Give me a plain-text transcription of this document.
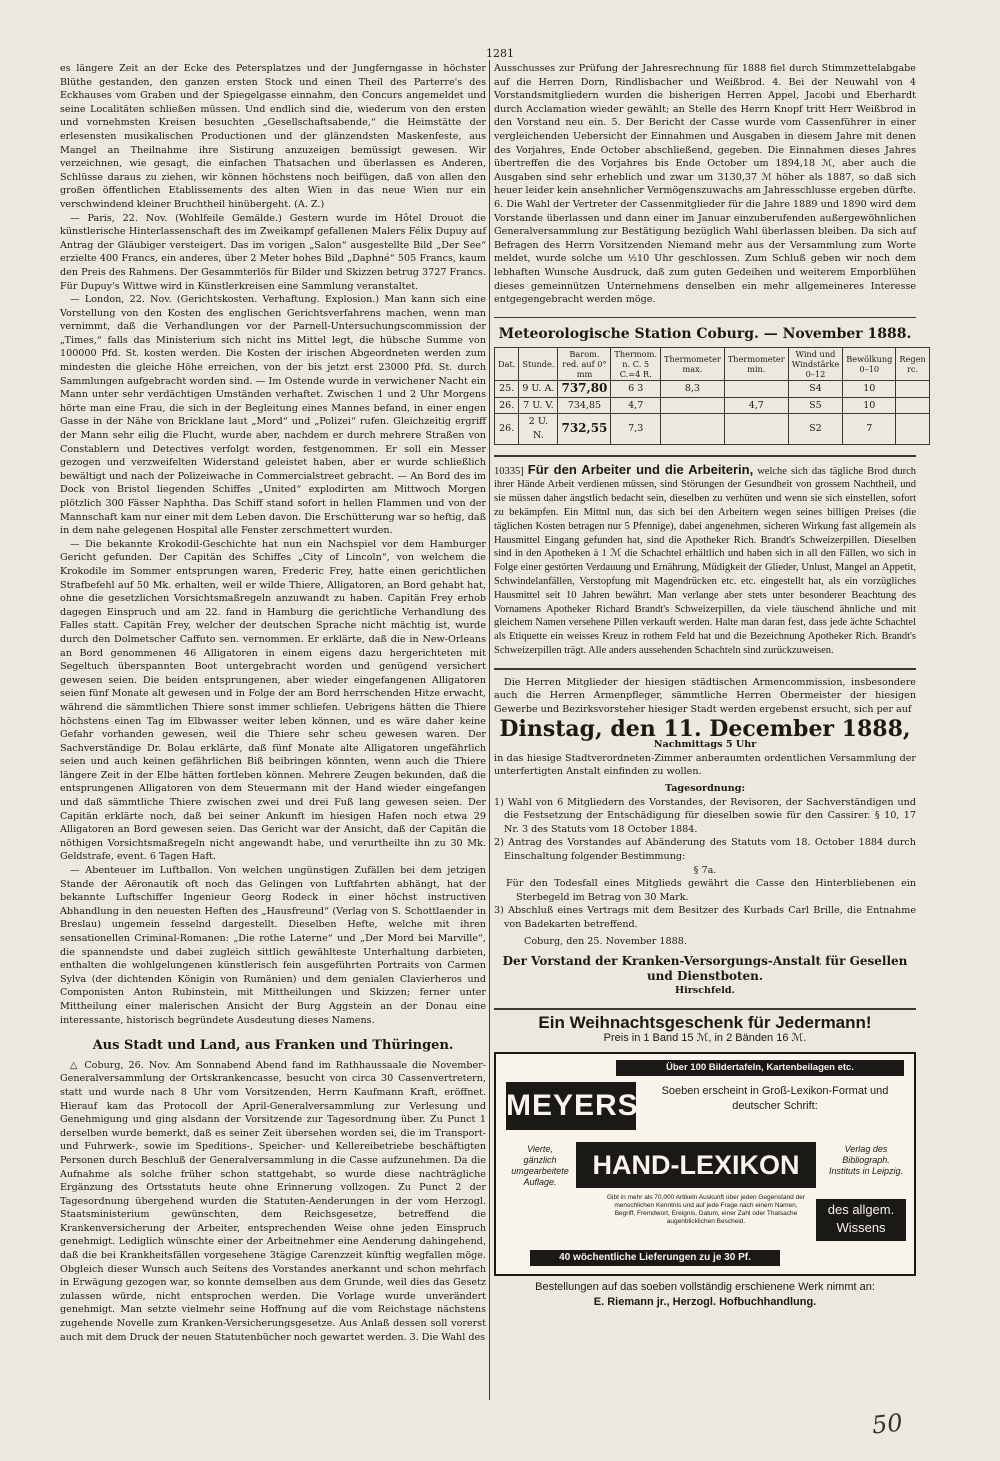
1281

es längere Zeit an der Ecke des Petersplatzes und der Jungferngasse in höchster Blüthe gestanden, den ganzen ersten Stock und einen Theil des Parterre's des Eckhauses vom Graben und der Spiegelgasse einnahm, den Concurs angemeldet und seine Localitäten schließen müssen. Und endlich sind die, wiederum von den ersten und vornehmsten Kreisen besuchten „Gesellschaftsabende,“ die Heimstätte der erlesensten musikalischen Productionen und der glänzendsten Maskenfeste, aus Mangel an Theilnahme ihre Sistirung anzuzeigen bemüssigt gewesen. Wir verzeichnen, wie gesagt, die einfachen Thatsachen und überlassen es Anderen, Schlüsse daraus zu ziehen, wir können höchstens noch beifügen, daß von allen den großen öffentlichen Etablissements des alten Wien in das neue Wien nur ein verschwindend kleiner Bruchtheil hinübergeht. (A. Z.)

— Paris, 22. Nov. (Wohlfeile Gemälde.) Gestern wurde im Hôtel Drouot die künstlerische Hinterlassenschaft des im Zweikampf gefallenen Malers Félix Dupuy auf Antrag der Gläubiger versteigert. Das im vorigen „Salon“ ausgestellte Bild „Der See“ erzielte 400 Francs, ein anderes, über 2 Meter hohes Bild „Daphné“ 505 Francs, kaum den Preis des Rahmens. Der Gesammterlös für Bilder und Skizzen betrug 3727 Francs. Für Dupuy's Wittwe wird in Künstlerkreisen eine Sammlung veranstaltet.

— London, 22. Nov. (Gerichtskosten. Verhaftung. Explosion.) Man kann sich eine Vorstellung von den Kosten des englischen Gerichtsverfahrens machen, wenn man vernimmt, daß die Verhandlungen vor der Parnell-Untersuchungscommission der „Times,“ falls das Ministerium sich nicht ins Mittel legt, die hübsche Summe von 100000 Pfd. St. kosten werden. Die Kosten der irischen Abgeordneten werden zum mindesten die gleiche Höhe erreichen, von der bis jetzt erst 23000 Pfd. St. durch Sammlungen aufgebracht worden sind. — Im Ostende wurde in verwichener Nacht ein Mann unter sehr verdächtigen Umständen verhaftet. Zwischen 1 und 2 Uhr Morgens hörte man eine Frau, die sich in der Begleitung eines Mannes befand, in einer engen Gasse in der Nähe von Bricklane laut „Mord“ und „Polizei“ rufen. Gleichzeitig ergriff der Mann sehr eilig die Flucht, wurde aber, nachdem er durch mehrere Straßen von Constablern und Detectives verfolgt worden, festgenommen. Er soll ein Messer gezogen und verzweifelten Widerstand geleistet haben, aber er wurde schließlich bewältigt und nach der Polizeiwache in Commercialstreet gebracht. — An Bord des im Dock von Bristol liegenden Schiffes „United“ explodirten am Mittwoch Morgen plötzlich 300 Fässer Naphtha. Das Schiff stand sofort in hellen Flammen und von der Mannschaft kam nur einer mit dem Leben davon. Die Erschütterung war so heftig, daß in dem nahe gelegenen Hospital alle Fenster zerschmettert wurden.

— Die bekannte Krokodil-Geschichte hat nun ein Nachspiel vor dem Hamburger Gericht gefunden. Der Capitän des Schiffes „City of Lincoln“, von welchem die Krokodile im Sommer entsprungen waren, Frederic Frey, hatte einen gerichtlichen Strafbefehl auf 50 Mk. erhalten, weil er wilde Thiere, Alligatoren, an Bord gehabt hat, ohne die gesetzlichen Vorsichtsmaßregeln anzuwandt zu haben. Capitän Frey erhob dagegen Einspruch und am 22. fand in Hamburg die gerichtliche Verhandlung des Falles statt. Capitän Frey, welcher der deutschen Sprache nicht mächtig ist, wurde durch den Dolmetscher Caffuto sen. vernommen. Er erklärte, daß die in New-Orleans an Bord genommenen 46 Alligatoren in einem eigens dazu hergerichteten mit Segeltuch überspannten Boot untergebracht worden und genügend versichert gewesen seien. Die beiden entsprungenen, aber wieder eingefangenen Alligatoren seien fünf Monate alt gewesen und in Folge der am Bord herrschenden Hitze erwacht, während die sämmtlichen Thiere sonst immer schliefen. Uebrigens hätten die Thiere höchstens einen Tag im Elbwasser weiter leben können, und es wäre daher keine Gefahr vorhanden gewesen, weil die Thiere sehr scheu gewesen waren. Der Sachverständige Dr. Bolau erklärte, daß fünf Monate alte Alligatoren ungefährlich seien und auch keinen gefährlichen Biß beibringen könnten, wenn auch die Thiere längere Zeit in der Elbe hätten fortleben können. Mehrere Zeugen bekunden, daß die entsprungenen Alligatoren von dem Steuermann mit der Hand wieder eingefangen und daß sämmtliche Thiere zwischen zwei und drei Fuß lang gewesen seien. Der Capitän erklärte noch, daß bei seiner Ankunft im hiesigen Hafen noch etwa 29 Alligatoren an Bord gewesen seien. Das Gericht war der Ansicht, daß der Capitän die nöthigen Vorsichtsmaßregeln nicht angewandt habe, und verurtheilte ihn zu 30 Mk. Geldstrafe, event. 6 Tagen Haft.

— Abenteuer im Luftballon. Von welchen ungünstigen Zufällen bei dem jetzigen Stande der Aëronautik oft noch das Gelingen von Luftfahrten abhängt, hat der bekannte Luftschiffer Ingenieur Georg Rodeck in einer höchst instructiven Abhandlung in den neuesten Heften des „Hausfreund“ (Verlag von S. Schottlaender in Breslau) ungemein fesselnd dargestellt. Dieselben Hefte, welche mit ihren sensationellen Criminal-Romanen: „Die rothe Laterne“ und „Der Mord bei Marville“, die spannendste und dabei zugleich sittlich gewählteste Unterhaltung darbieten, enthalten die wohlgelungenen künstlerisch fein ausgeführten Portraits von Carmen Sylva (der dichtenden Königin von Rumänien) und dem genialen Clavierheros und Componisten Anton Rubinstein, mit Mittheilungen und Skizzen; ferner unter Mittheilung einer malerischen Ansicht der Burg Aggstein an der Donau eine interessante, historisch begründete Ausdeutung dieses Namens.

Aus Stadt und Land, aus Franken und Thüringen.

△ Coburg, 26. Nov. Am Sonnabend Abend fand im Rathhaussaale die November-Generalversammlung der Ortskrankencasse, besucht von circa 30 Cassenvertretern, statt und wurde nach 8 Uhr vom Vorsitzenden, Herrn Kaufmann Kraft, eröffnet. Hierauf kam das Protocoll der April-Generalversammlung zur Verlesung und Genehmigung und ging alsdann der Vorsitzende zur Tagesordnung über. Zu Punct 1 derselben wurde bemerkt, daß es seiner Zeit übersehen worden sei, die im Transport- und Fuhrwerk-, sowie im Speditions-, Speicher- und Kellereibetriebe beschäftigten Personen durch Beschluß der Generalversammlung in die Casse aufzunehmen. Da die Aufnahme als solche früher schon stattgehabt, so wurde diese nachträgliche Ergänzung des Ortsstatuts heute ohne Erinnerung vollzogen. Zu Punct 2 der Tagesordnung übergehend wurden die Statuten-Aenderungen in der vom Herzogl. Staatsministerium gewünschten, dem Reichsgesetze, betreffend die Krankenversicherung der Arbeiter, entsprechenden Weise ohne jeden Einspruch genehmigt. Lediglich wünschte einer der Arbeitnehmer eine Aenderung dahingehend, daß die bei Krankheitsfällen vorgesehene 3tägige Carenzzeit künftig wegfallen möge. Obgleich dieser Wunsch auch Seitens des Vorstandes anerkannt und schon mehrfach in Erwägung gezogen war, so konnte demselben aus dem Grunde, weil dies das Gesetz zulassen würde, nicht entsprochen werden. Die Vorlage wurde unverändert genehmigt. Man setzte vielmehr seine Hoffnung auf die vom Reichstage nächstens zugehende Novelle zum Kranken-Versicherungsgesetze. Aus Anlaß dessen soll vorerst auch mit dem Druck der neuen Statutenbücher noch gewartet werden. 3. Die Wahl des

Ausschusses zur Prüfung der Jahresrechnung für 1888 fiel durch Stimmzettelabgabe auf die Herren Dorn, Rindlisbacher und Weißbrod. 4. Bei der Neuwahl von 4 Vorstandsmitgliedern wurden die bisherigen Herren Appel, Jacobi und Eberhardt durch Acclamation wieder gewählt; an Stelle des Herrn Knopf tritt Herr Weißbrod in den Vorstand neu ein. 5. Der Bericht der Casse wurde vom Cassenführer in einer vergleichenden Uebersicht der Einnahmen und Ausgaben in diesem Jahre mit denen des Vorjahres, Ende October abschließend, gegeben. Die Einnahmen dieses Jahres übertreffen die des Vorjahres bis Ende October um 1894,18 ℳ, aber auch die Ausgaben sind sehr erheblich und zwar um 3130,37 ℳ höher als 1887, so daß sich heuer leider kein ansehnlicher Vermögenszuwachs am Jahresschlusse ergeben dürfte. 6. Die Wahl der Vertreter der Cassenmitglieder für die Jahre 1889 und 1890 wird dem Vorstande überlassen und dann einer im Januar einzuberufenden außergewöhnlichen Generalversammlung zur Bestätigung bezüglich Wahl überlassen bleiben. Da sich auf Befragen des Herrn Vorsitzenden Niemand mehr aus der Versammlung zum Worte meldet, wurde solche um ½10 Uhr geschlossen. Zum Schluß geben wir noch dem lebhaften Wunsche Ausdruck, daß zum guten Gedeihen und weiterem Emporblühen dieses gemeinnützen Unternehmens denselben ein mehr allgemeineres Interesse entgegengebracht werden möge.

Meteorologische Station Coburg. — November 1888.
Dat.	Stunde.	Barom. red. auf 0° mm	Thermom. n. C. 5 C.=4 R.	Thermometer max.	Thermometer min.	Wind und Windstärke 0–12	Bewölkung 0–10	Regen rc.
25.	9 U. A.	737,80	6 3	8,3		S4	10	
26.	7 U. V.	734,85	4,7		4,7	S5	10	
26.	2 U. N.	732,55	7,3			S2	7	
10335] Für den Arbeiter und die Arbeiterin, welche sich das tägliche Brod durch ihrer Hände Arbeit verdienen müssen, sind Störungen der Gesundheit von grossem Nachtheil, und sie müssen daher ängstlich bedacht sein, dieselben zu verhüten und wenn sie sich einstellen, sofort zu bekämpfen. Ein Mittnl nun, das sich bei den Arbeitern wegen seines billigen Preises (die täglichen Kosten betragen nur 5 Pfennige), dabei angenehmen, sicheren Wirkung fast allgemein als Hausmittel Eingang gefunden hat, sind die Apotheker Rich. Brandt's Schweizerpillen. Dieselben sind in den Apotheken à 1 ℳ die Schachtel erhältlich und haben sich in all den Fällen, wo sich in Folge einer gestörten Verdauung und Ernährung, Müdigkeit der Glieder, Unlust, Mangel an Appetit, Schwindelanfällen, Verstopfung mit Magendrücken etc. etc. eingestellt hat, als ein vorzügliches Hausmittel seit 10 Jahren bewährt. Man verlange aber stets unter besonderer Beachtung des Vornamens Apotheker Richard Brandt's Schweizerpillen, da viele täuschend ähnliche und mit gleichem Namen versehene Pillen verkauft werden. Halte man daran fest, dass jede ächte Schachtel als Etiquette ein weisses Kreuz in rothem Feld hat und die Bezeichnung Apotheker Rich. Brandt's Schweizerpillen trägt. Alle anders aussehenden Schachteln sind zurückzuweisen.

Die Herren Mitglieder der hiesigen städtischen Armencommission, insbesondere auch die Herren Armenpfleger, sämmtliche Herren Obermeister der hiesigen Gewerbe und Bezirksvorsteher hiesiger Stadt werden ergebenst ersucht, sich per auf

Dinstag, den 11. December 1888,
Nachmittags 5 Uhr

in das hiesige Stadtverordneten-Zimmer anberaumten ordentlichen Versammlung der unterfertigten Anstalt einfinden zu wollen.

Tagesordnung:
1) Wahl von 6 Mitgliedern des Vorstandes, der Revisoren, der Sachverständigen und die Festsetzung der Entschädigung für dieselben sowie für den Cassirer. § 10, 17 Nr. 3 des Statuts vom 18 October 1884.
2) Antrag des Vorstandes auf Abänderung des Statuts vom 18. October 1884 durch Einschaltung folgender Bestimmung:
§ 7a.
Für den Todesfall eines Mitglieds gewährt die Casse den Hinterbliebenen ein Sterbegeld im Betrag von 30 Mark.
3) Abschluß eines Vertrags mit dem Besitzer des Kurbads Carl Brille, die Entnahme von Badekarten betreffend.
Coburg, den 25. November 1888.
Der Vorstand der Kranken-Versorgungs-Anstalt für Gesellen und Dienstboten.
Hirschfeld.
Ein Weihnachtsgeschenk für Jedermann!
Preis in 1 Band 15 ℳ, in 2 Bänden 16 ℳ.
Über 100 Bildertafeln, Kartenbeilagen etc.
MEYERS	Soeben erscheint in Groß-Lexikon-Format und deutscher Schrift:
Vierte, gänzlich umgearbeitete Auflage.
HAND-LEXIKON
Verlag des Bibliograph. Instituts in Leipzig.
Gibt in mehr als 70,000 Artikeln Auskunft über jeden Gegenstand der menschlichen Kenntnis und auf jede Frage nach einem Namen, Begriff, Fremdwort, Ereignis, Datum, einer Zahl oder Thatsache augenblicklichen Bescheid.
des allgem. Wissens
40 wöchentliche Lieferungen zu je 30 Pf.
Bestellungen auf das soeben vollständig erschienene Werk nimmt an:
E. Riemann jr., Herzogl. Hofbuchhandlung.
50
